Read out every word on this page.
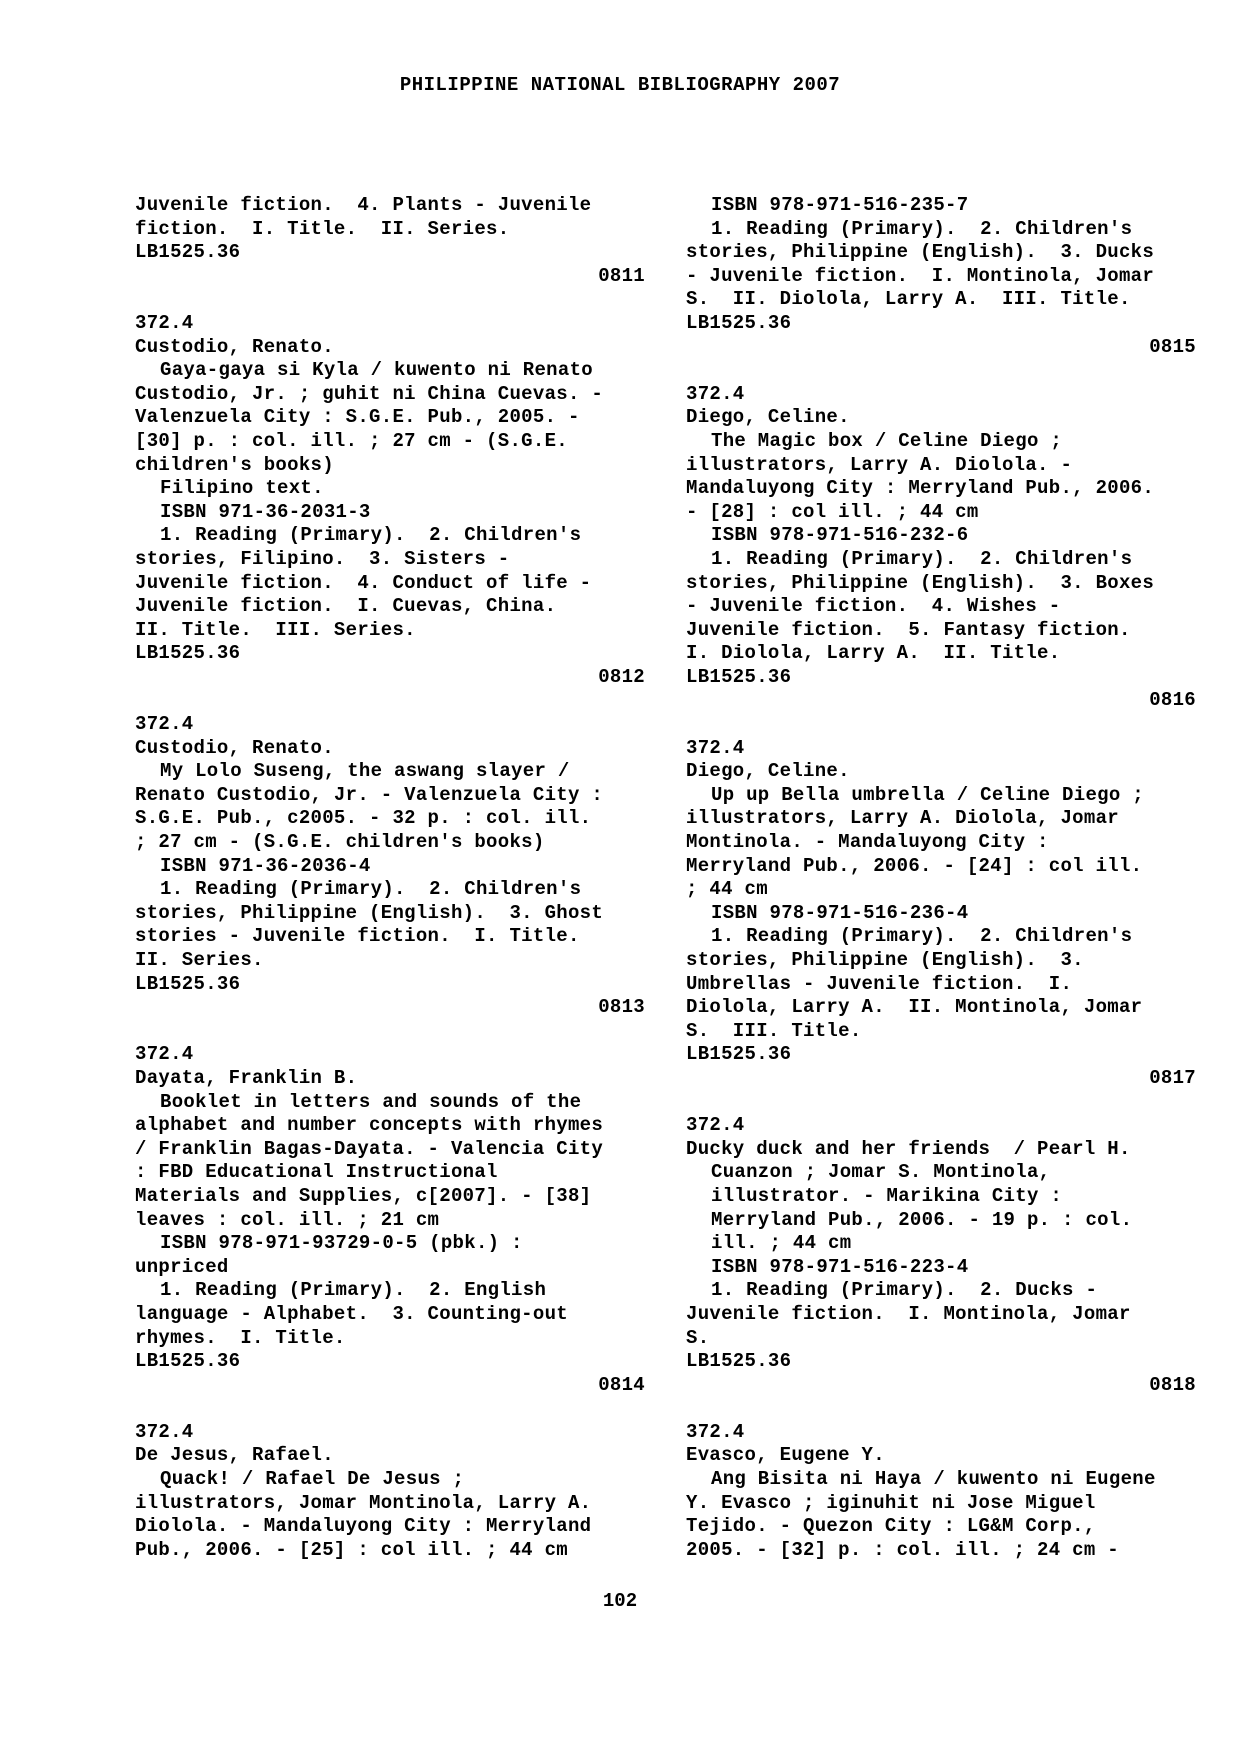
PHILIPPINE NATIONAL BIBLIOGRAPHY 2007
Juvenile fiction.  4. Plants - Juvenile
fiction.  I. Title.  II. Series.
LB1525.36
0811
372.4
Custodio, Renato.
Gaya-gaya si Kyla / kuwento ni Renato
Custodio, Jr. ; guhit ni China Cuevas. -
Valenzuela City : S.G.E. Pub., 2005. -
[30] p. : col. ill. ; 27 cm - (S.G.E.
children's books)
Filipino text.
ISBN 971-36-2031-3
1. Reading (Primary).  2. Children's
stories, Filipino.  3. Sisters -
Juvenile fiction.  4. Conduct of life -
Juvenile fiction.  I. Cuevas, China.
II. Title.  III. Series.
LB1525.36
0812
372.4
Custodio, Renato.
My Lolo Suseng, the aswang slayer /
Renato Custodio, Jr. - Valenzuela City :
S.G.E. Pub., c2005. - 32 p. : col. ill.
; 27 cm - (S.G.E. children's books)
ISBN 971-36-2036-4
1. Reading (Primary).  2. Children's
stories, Philippine (English).  3. Ghost
stories - Juvenile fiction.  I. Title.
II. Series.
LB1525.36
0813
372.4
Dayata, Franklin B.
Booklet in letters and sounds of the
alphabet and number concepts with rhymes
/ Franklin Bagas-Dayata. - Valencia City
: FBD Educational Instructional
Materials and Supplies, c[2007]. - [38]
leaves : col. ill. ; 21 cm
ISBN 978-971-93729-0-5 (pbk.) :
unpriced
1. Reading (Primary).  2. English
language - Alphabet.  3. Counting-out
rhymes.  I. Title.
LB1525.36
0814
372.4
De Jesus, Rafael.
Quack! / Rafael De Jesus ;
illustrators, Jomar Montinola, Larry A.
Diolola. - Mandaluyong City : Merryland
Pub., 2006. - [25] : col ill. ; 44 cm
ISBN 978-971-516-235-7
1. Reading (Primary).  2. Children's
stories, Philippine (English).  3. Ducks
- Juvenile fiction.  I. Montinola, Jomar
S.  II. Diolola, Larry A.  III. Title.
LB1525.36
0815
372.4
Diego, Celine.
The Magic box / Celine Diego ;
illustrators, Larry A. Diolola. -
Mandaluyong City : Merryland Pub., 2006.
- [28] : col ill. ; 44 cm
ISBN 978-971-516-232-6
1. Reading (Primary).  2. Children's
stories, Philippine (English).  3. Boxes
- Juvenile fiction.  4. Wishes -
Juvenile fiction.  5. Fantasy fiction.
I. Diolola, Larry A.  II. Title.
LB1525.36
0816
372.4
Diego, Celine.
Up up Bella umbrella / Celine Diego ;
illustrators, Larry A. Diolola, Jomar
Montinola. - Mandaluyong City :
Merryland Pub., 2006. - [24] : col ill.
; 44 cm
ISBN 978-971-516-236-4
1. Reading (Primary).  2. Children's
stories, Philippine (English).  3.
Umbrellas - Juvenile fiction.  I.
Diolola, Larry A.  II. Montinola, Jomar
S.  III. Title.
LB1525.36
0817
372.4
Ducky duck and her friends  / Pearl H.
Cuanzon ; Jomar S. Montinola,
illustrator. - Marikina City :
Merryland Pub., 2006. - 19 p. : col.
ill. ; 44 cm
ISBN 978-971-516-223-4
1. Reading (Primary).  2. Ducks -
Juvenile fiction.  I. Montinola, Jomar
S.
LB1525.36
0818
372.4
Evasco, Eugene Y.
Ang Bisita ni Haya / kuwento ni Eugene
Y. Evasco ; iginuhit ni Jose Miguel
Tejido. - Quezon City : LG&M Corp.,
2005. - [32] p. : col. ill. ; 24 cm -
102
